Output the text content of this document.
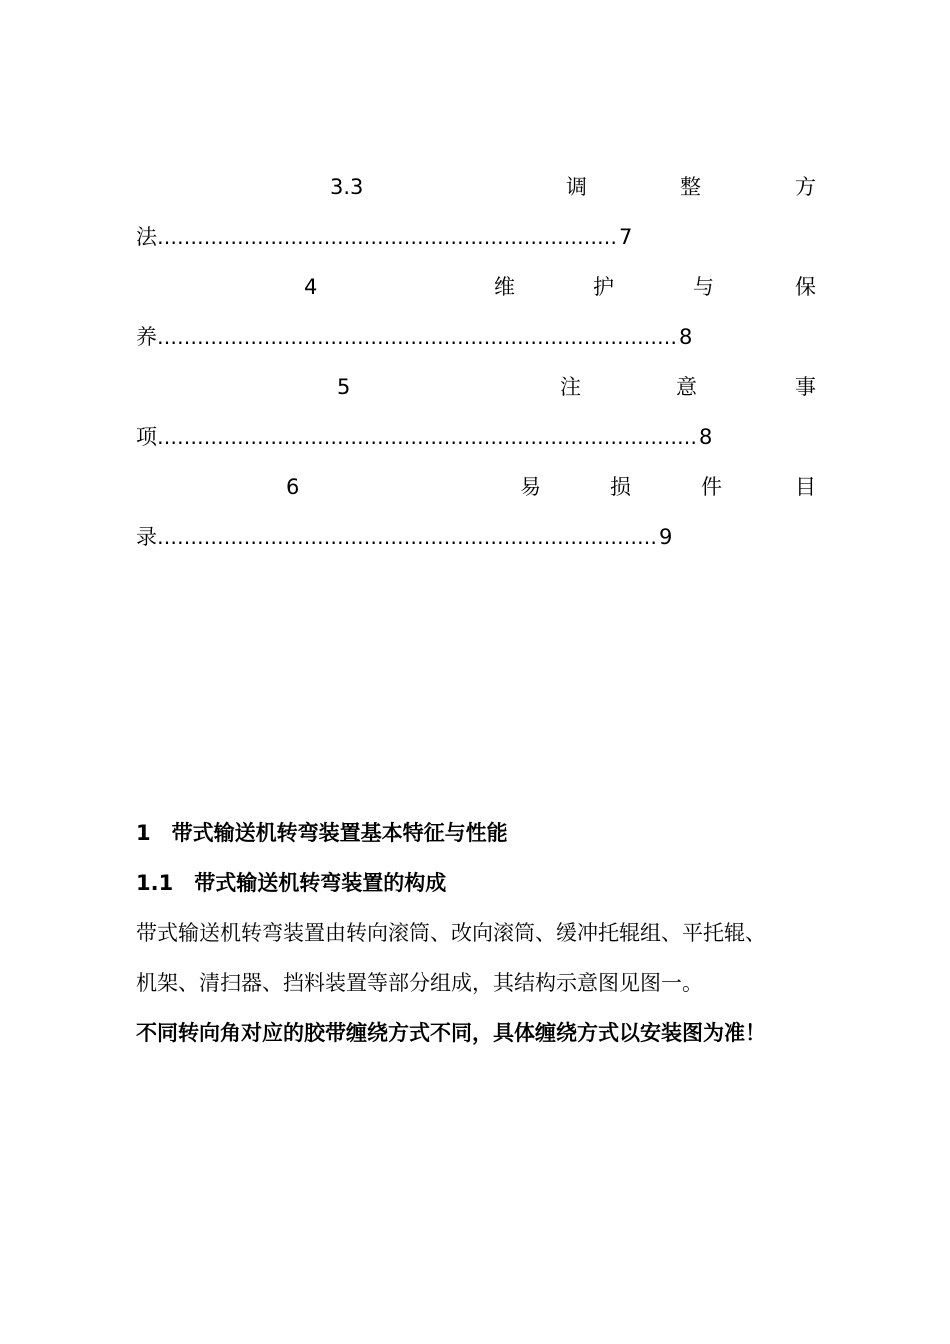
3.3	调	整	方
法 …………………………………………………………… 7
4	维	护	与	保
养 …………………………………………………………………… 8
5	注	意	事
项 ……………………………………………………………………… 8
6	易	损	件	目
录 ………………………………………………………………… 9
1　带式输送机转弯装置基本特征与性能
1.1　带式输送机转弯装置的构成
带式输送机转弯装置由转向滚筒、改向滚筒、缓冲托辊组、平托辊、
机架、清扫器、挡料装置等部分组成，其结构示意图见图一。
不同转向角对应的胶带缠绕方式不同，具体缠绕方式以安装图为准！
